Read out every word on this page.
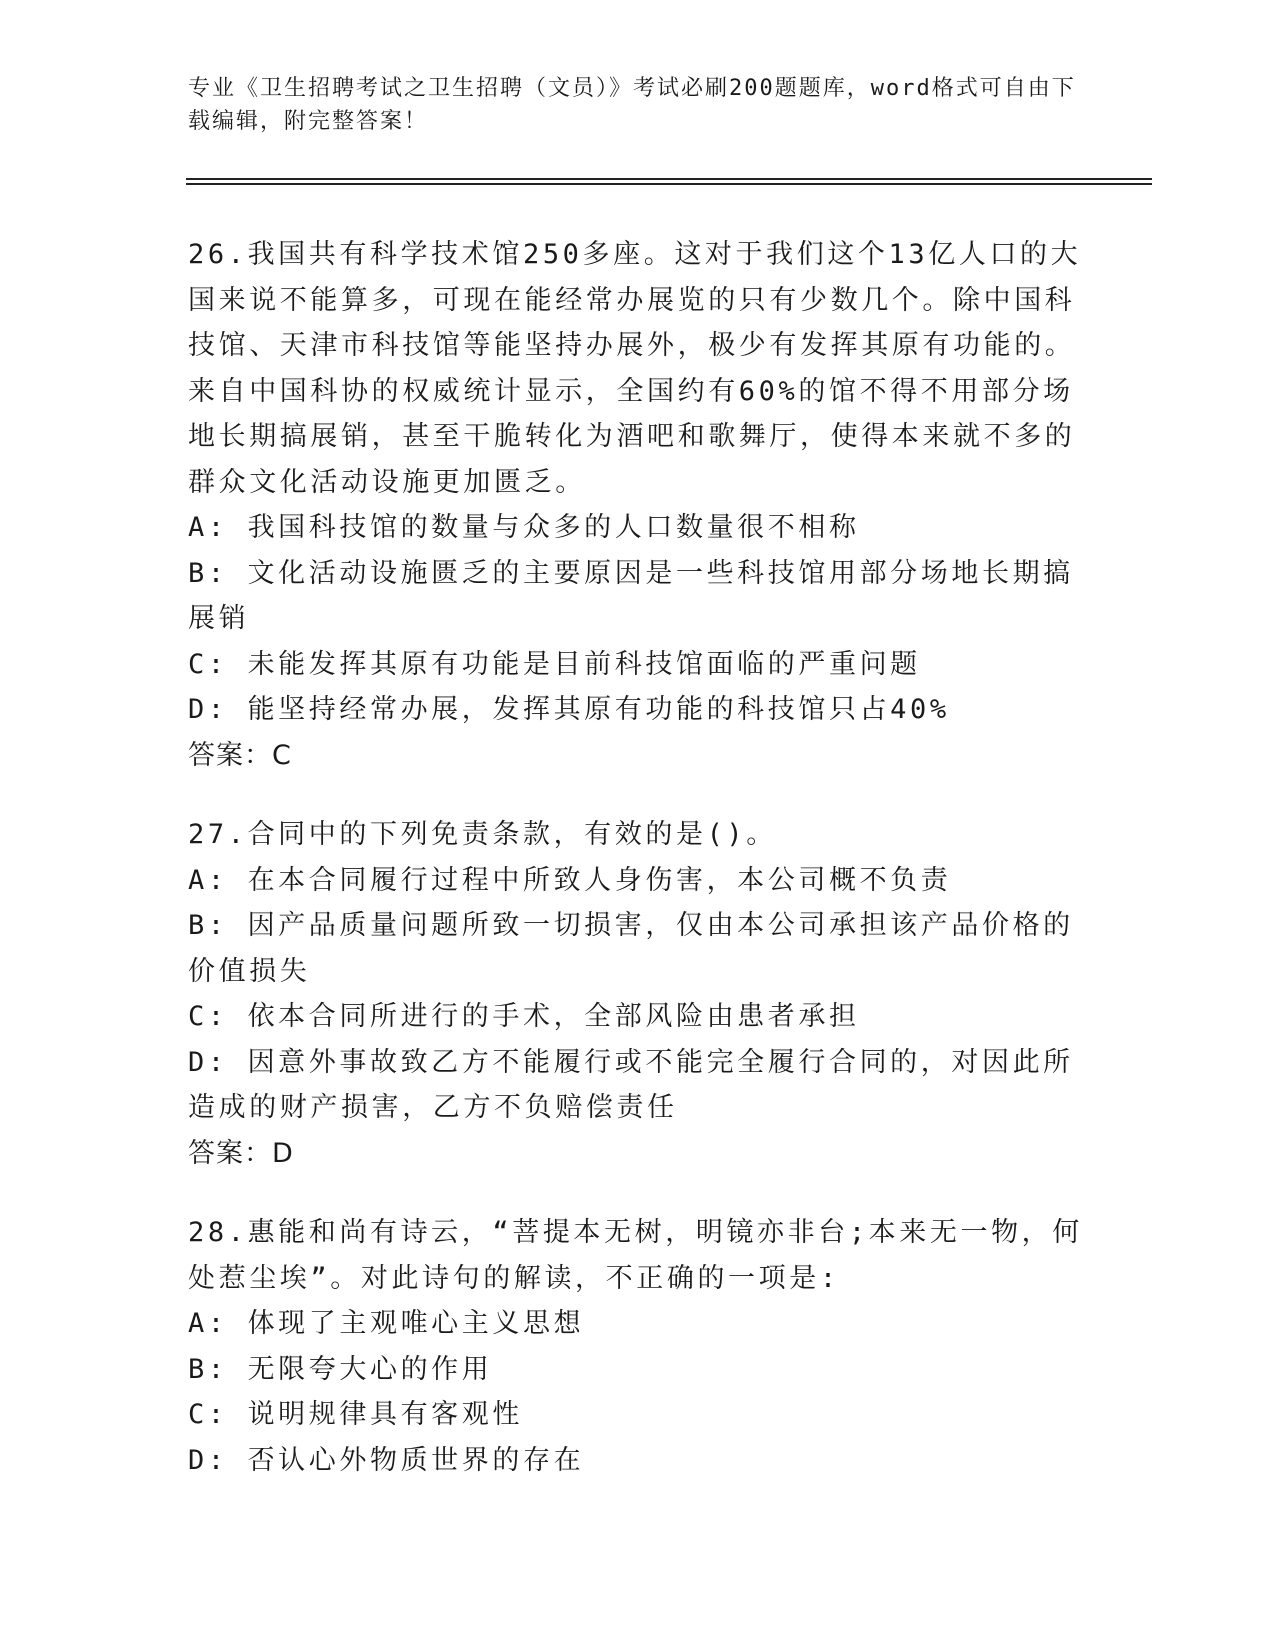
专业《卫生招聘考试之卫生招聘（文员）》考试必刷200题题库，word格式可自由下载编辑，附完整答案！
26.我国共有科学技术馆250多座。这对于我们这个13亿人口的大国来说不能算多，可现在能经常办展览的只有少数几个。除中国科技馆、天津市科技馆等能坚持办展外，极少有发挥其原有功能的。来自中国科协的权威统计显示，全国约有60%的馆不得不用部分场地长期搞展销，甚至干脆转化为酒吧和歌舞厅，使得本来就不多的群众文化活动设施更加匮乏。
A: 我国科技馆的数量与众多的人口数量很不相称
B: 文化活动设施匮乏的主要原因是一些科技馆用部分场地长期搞展销
C: 未能发挥其原有功能是目前科技馆面临的严重问题
D: 能坚持经常办展，发挥其原有功能的科技馆只占40%
答案：C
27.合同中的下列免责条款，有效的是()。
A: 在本合同履行过程中所致人身伤害，本公司概不负责
B: 因产品质量问题所致一切损害，仅由本公司承担该产品价格的价值损失
C: 依本合同所进行的手术，全部风险由患者承担
D: 因意外事故致乙方不能履行或不能完全履行合同的，对因此所造成的财产损害，乙方不负赔偿责任
答案：D
28.惠能和尚有诗云，“菩提本无树，明镜亦非台;本来无一物，何处惹尘埃”。对此诗句的解读，不正确的一项是:
A: 体现了主观唯心主义思想
B: 无限夸大心的作用
C: 说明规律具有客观性
D: 否认心外物质世界的存在
